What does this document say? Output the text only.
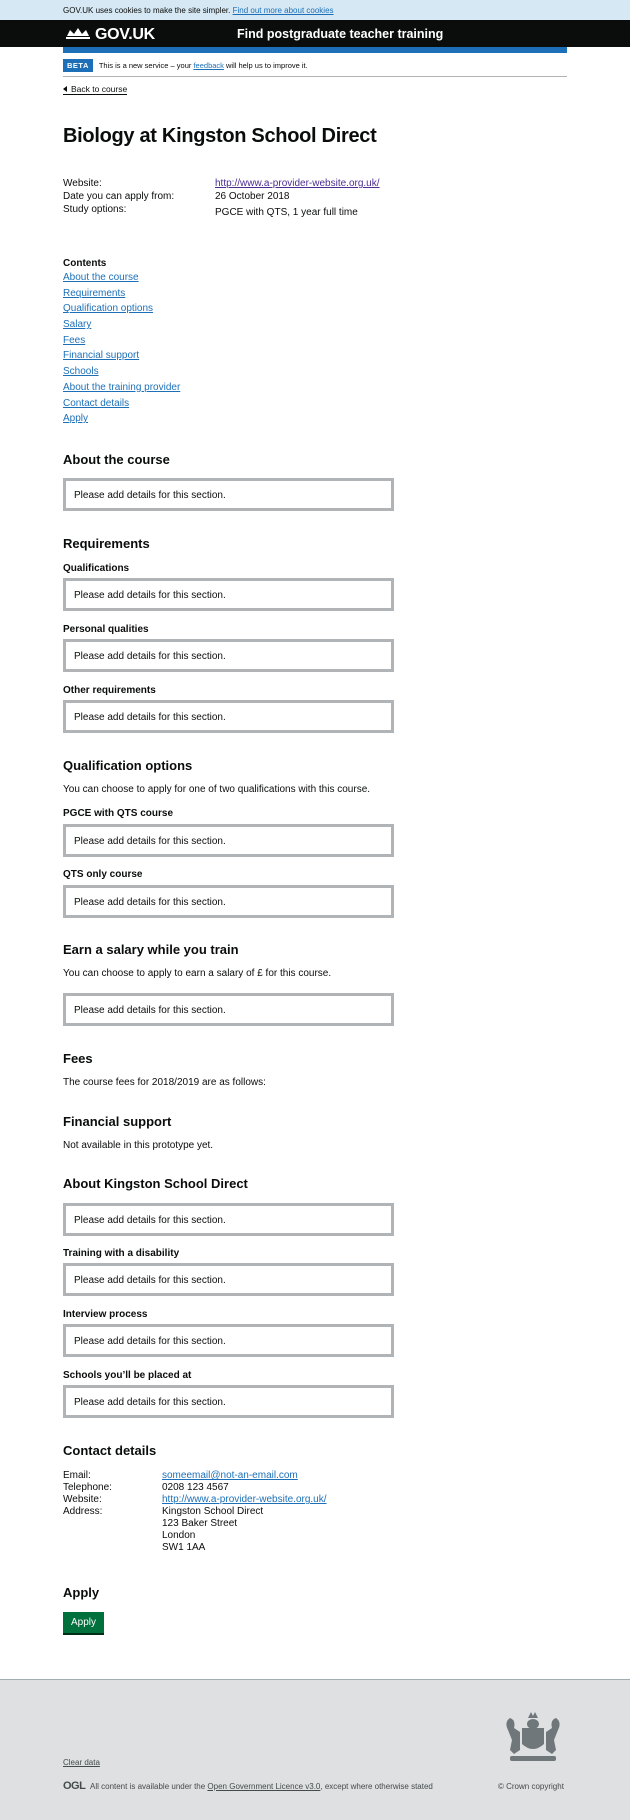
GOV.UK uses cookies to make the site simpler. Find out more about cookies
GOV.UK	Find postgraduate teacher training
BETA This is a new service – your feedback will help us to improve it.
Back to course
Biology at Kingston School Direct
Website:	http://www.a-provider-website.org.uk/
Date you can apply from:	26 October 2018
Study options:	PGCE with QTS, 1 year full time
Contents
About the course
Requirements
Qualification options
Salary
Fees
Financial support
Schools
About the training provider
Contact details
Apply
About the course
Please add details for this section.
Requirements
Qualifications
Please add details for this section.
Personal qualities
Please add details for this section.
Other requirements
Please add details for this section.
Qualification options
You can choose to apply for one of two qualifications with this course.
PGCE with QTS course
Please add details for this section.
QTS only course
Please add details for this section.
Earn a salary while you train
You can choose to apply to earn a salary of £ for this course.
Please add details for this section.
Fees
The course fees for 2018/2019 are as follows:
Financial support
Not available in this prototype yet.
About Kingston School Direct
Please add details for this section.
Training with a disability
Please add details for this section.
Interview process
Please add details for this section.
Schools you’ll be placed at
Please add details for this section.
Contact details
Email:	someemail@not-an-email.com
Telephone:	0208 123 4567
Website:	http://www.a-provider-website.org.uk/
Address:	Kingston School Direct
123 Baker Street
London
SW1 1AA
Apply
Apply
Clear data
OGL All content is available under the Open Government Licence v3.0, except where otherwise stated	© Crown copyright
